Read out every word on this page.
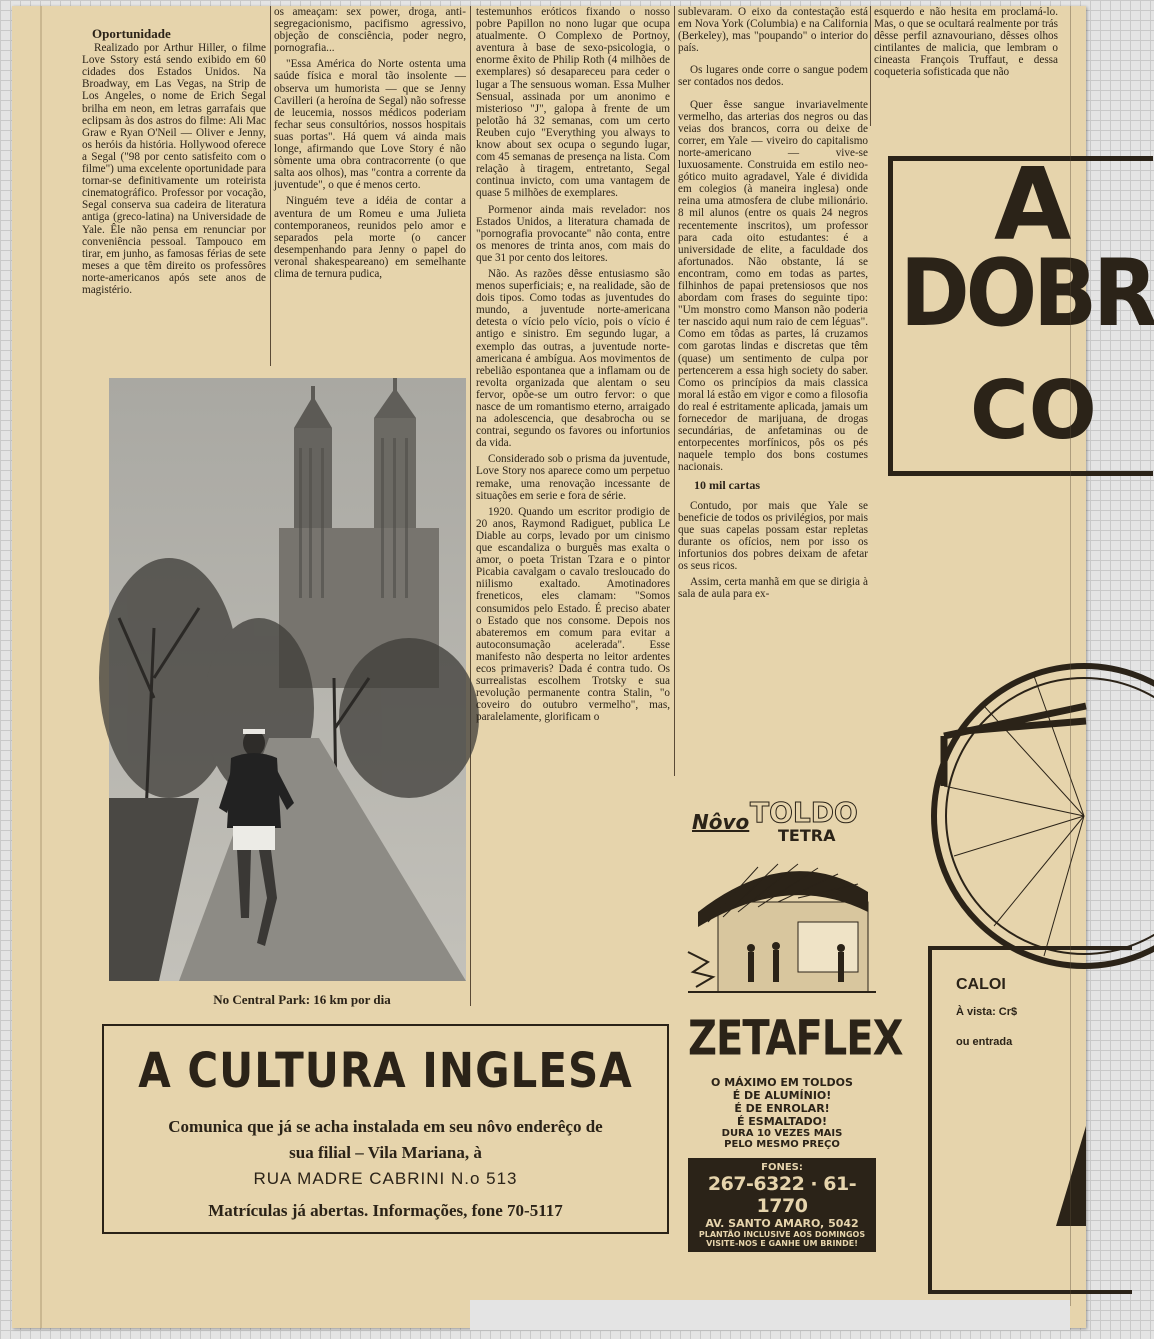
Oportunidade

Realizado por Arthur Hiller, o filme Love Sstory está sendo exibido em 60 cidades dos Estados Unidos. Na Broadway, em Las Vegas, na Strip de Los Angeles, o nome de Erich Segal brilha em neon, em letras garrafais que eclipsam às dos astros do filme: Ali Mac Graw e Ryan O'Neil — Oliver e Jenny, os heróis da história. Hollywood oferece a Segal ("98 por cento satisfeito com o filme") uma excelente oportunidade para tornar-se definitivamente um roteirista cinematográfico. Professor por vocação, Segal conserva sua cadeira de literatura antiga (greco-latina) na Universidade de Yale. Êle não pensa em renunciar por conveniência pessoal. Tampouco em tirar, em junho, as famosas férias de sete meses a que têm direito os professôres norte-americanos após sete anos de magistério.

os ameaçam: sex power, droga, anti-segregacionismo, pacifismo agressivo, objeção de consciência, poder negro, pornografia...

"Essa América do Norte ostenta uma saúde física e moral tão insolente — observa um humorista — que se Jenny Cavilleri (a heroína de Segal) não sofresse de leucemia, nossos médicos poderiam fechar seus consultórios, nossos hospitais suas portas". Há quem vá ainda mais longe, afirmando que Love Story é não sòmente uma obra contracorrente (o que salta aos olhos), mas "contra a corrente da juventude", o que é menos certo.

Ninguém teve a idéia de contar a aventura de um Romeu e uma Julieta contemporaneos, reunidos pelo amor e separados pela morte (o cancer desempenhando para Jenny o papel do veronal shakespeareano) em semelhante clima de ternura pudica,

No Central Park: 16 km por dia

testemunhos eróticos fixando o nosso pobre Papillon no nono lugar que ocupa atualmente. O Complexo de Portnoy, aventura à base de sexo-psicologia, o enorme êxito de Philip Roth (4 milhões de exemplares) só desapareceu para ceder o lugar a The sensuous woman. Essa Mulher Sensual, assinada por um anonimo e misterioso "J", galopa à frente de um pelotão há 32 semanas, com um certo Reuben cujo "Everything you always to know about sex ocupa o segundo lugar, com 45 semanas de presença na lista. Com relação à tiragem, entretanto, Segal continua invicto, com uma vantagem de quase 5 milhões de exemplares.

Pormenor ainda mais revelador: nos Estados Unidos, a literatura chamada de "pornografia provocante" não conta, entre os menores de trinta anos, com mais do que 31 por cento dos leitores.

Não. As razões dêsse entusiasmo são menos superficiais; e, na realidade, são de dois tipos. Como todas as juventudes do mundo, a juventude norte-americana detesta o vício pelo vício, pois o vício é antigo e sinistro. Em segundo lugar, a exemplo das outras, a juventude norte-americana é ambígua. Aos movimentos de rebelião espontanea que a inflamam ou de revolta organizada que alentam o seu fervor, opõe-se um outro fervor: o que nasce de um romantismo eterno, arraigado na adolescencia, que desabrocha ou se contrai, segundo os favores ou infortunios da vida.

Considerado sob o prisma da juventude, Love Story nos aparece como um perpetuo remake, uma renovação incessante de situações em serie e fora de série.

1920. Quando um escritor prodigio de 20 anos, Raymond Radiguet, publica Le Diable au corps, levado por um cinismo que escandaliza o burguês mas exalta o amor, o poeta Tristan Tzara e o pintor Picabia cavalgam o cavalo tresloucado do niilismo exaltado. Amotinadores freneticos, eles clamam: "Somos consumidos pelo Estado. É preciso abater o Estado que nos consome. Depois nos abateremos em comum para evitar a autoconsumação acelerada". Esse manifesto não desperta no leitor ardentes ecos primaveris? Dada é contra tudo. Os surrealistas escolhem Trotsky e sua revolução permanente contra Stalin, "o coveiro do outubro vermelho", mas, paralelamente, glorificam o

sublevaram. O eixo da contestação está em Nova York (Columbia) e na California (Berkeley), mas "poupando" o interior do país.

Os lugares onde corre o sangue podem ser contados nos dedos.

Quer êsse sangue invariavelmente vermelho, das arterias dos negros ou das veias dos brancos, corra ou deixe de correr, em Yale — viveiro do capitalismo norte-americano — vive-se luxuosamente. Construida em estilo neo-gótico muito agradavel, Yale é dividida em colegios (à maneira inglesa) onde reina uma atmosfera de clube milionário. 8 mil alunos (entre os quais 24 negros recentemente inscritos), um professor para cada oito estudantes: é a universidade de elite, a faculdade dos afortunados. Não obstante, lá se encontram, como em todas as partes, filhinhos de papai pretensiosos que nos abordam com frases do seguinte tipo: "Um monstro como Manson não poderia ter nascido aqui num raio de cem léguas". Como em tôdas as partes, lá cruzamos com garotas lindas e discretas que têm (quase) um sentimento de culpa por pertencerem a essa high society do saber. Como os princípios da mais classica moral lá estão em vigor e como a filosofia do real é estritamente aplicada, jamais um fornecedor de marijuana, de drogas secundárias, de anfetaminas ou de entorpecentes morfínicos, pôs os pés naquele templo dos bons costumes nacionais.

10 mil cartas

Contudo, por mais que Yale se beneficie de todos os privilégios, por mais que suas capelas possam estar repletas durante os ofícios, nem por isso os infortunios dos pobres deixam de afetar os seus ricos.

Assim, certa manhã em que se dirigia à sala de aula para ex-

esquerdo e não hesita em proclamá-lo. Mas, o que se ocultará realmente por trás dêsse perfil aznavouriano, dêsses olhos cintilantes de malicia, que lembram o cineasta François Truffaut, e dessa coqueteria sofisticada que não

A CULTURA INGLESA
Comunica que já se acha instalada em seu nôvo enderêço de
sua filial – Vila Mariana, à
RUA MADRE CABRINI N.o 513
Matrículas já abertas. Informações, fone 70-5117
Nôvo TOLDO
TETRA
ZETAFLEX
O MÁXIMO EM TOLDOS
É DE ALUMÍNIO!
É DE ENROLAR!
É ESMALTADO!
DURA 10 VEZES MAIS
PELO MESMO PREÇO
FONES:
267-6322 · 61-1770
AV. SANTO AMARO, 5042
PLANTÃO INCLUSIVE AOS DOMINGOS
VISITE-NOS E GANHE UM BRINDE!
A
DOBR
CO
CALOI
À vista: Cr$
ou entrada
